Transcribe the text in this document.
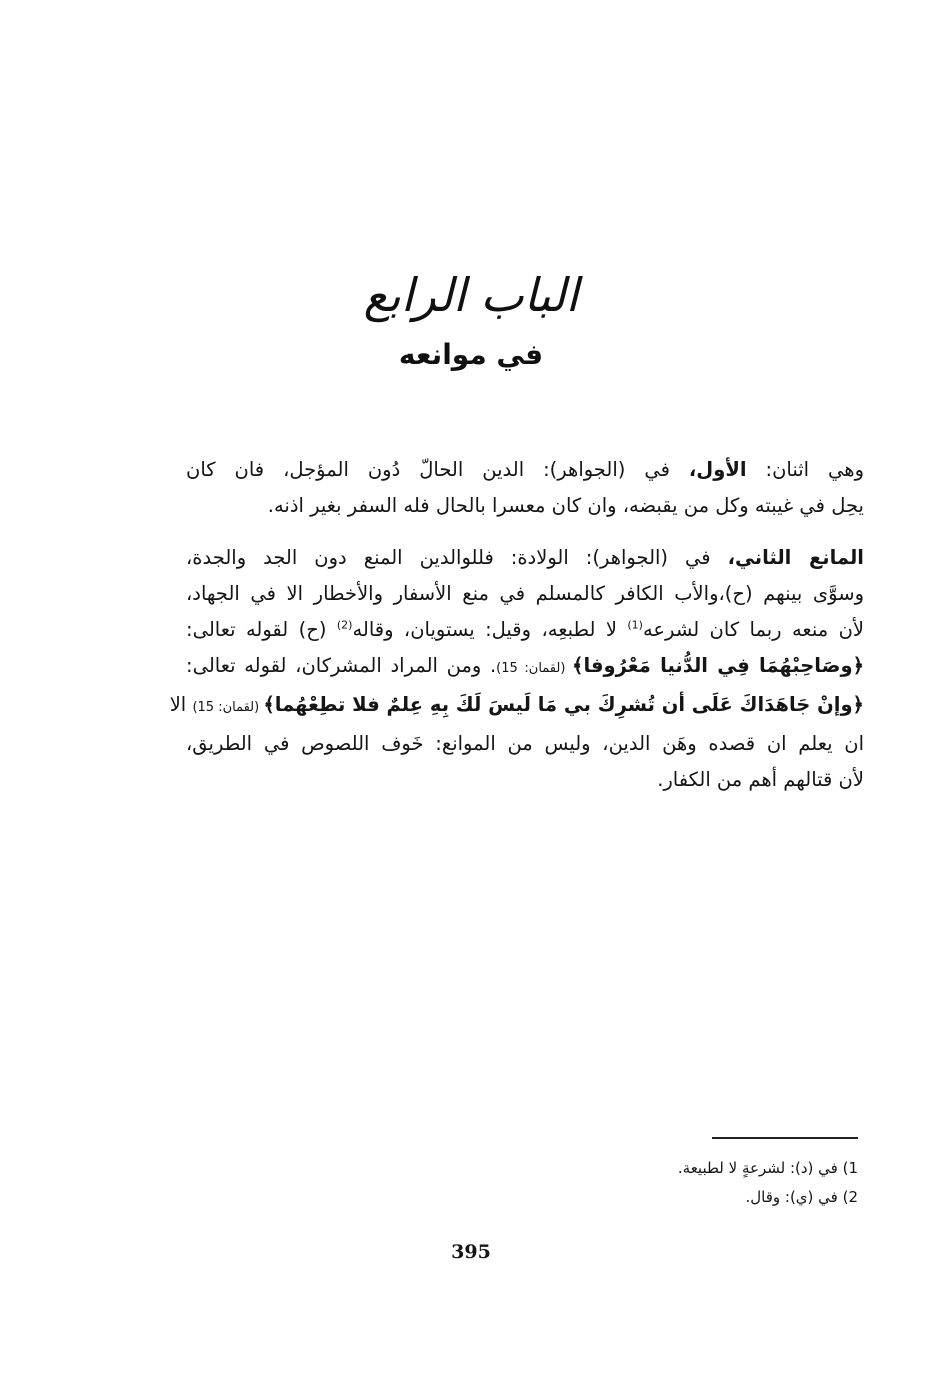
الباب الرابع
في موانعه

وهي اثنان: الأول، في (الجواهر): الدين الحالّ دُون المؤجل، فان كان
يحِل في غيبته وكل من يقبضه، وان كان معسرا بالحال فله السفر بغير اذنه.

المانع الثاني، في (الجواهر): الولادة: فللوالدين المنع دون الجد والجدة،
وسوَّى بينهم (ح)،والأب الكافر كالمسلم في منع الأسفار والأخطار الا في الجهاد،
لأن منعه ربما كان لشرعه$^{(1)}$ لا لطبعِه، وقيل: يستويان، وقاله$^{(2)}$ (ح) لقوله تعالى:
﴿وصَاحِبْهُمَا فِي الدُّنيا مَعْرُوفا﴾ (لقمان: 15). ومن المراد المشركان، لقوله تعالى:
﴿وإنْ جَاهَدَاكَ عَلَى أن تُشرِكَ بي مَا لَيسَ لَكَ بِهِ عِلمٌ فلا تطِعْهُما﴾ (لقمان: 15) الا
ان يعلم ان قصده وهَن الدين، وليس من الموانع: خَوف اللصوص في الطريق،
لأن قتالهم أهم من الكفار.

1) في (د): لشرعةٍ لا لطبيعة.
2) في (ي): وقال.
395
